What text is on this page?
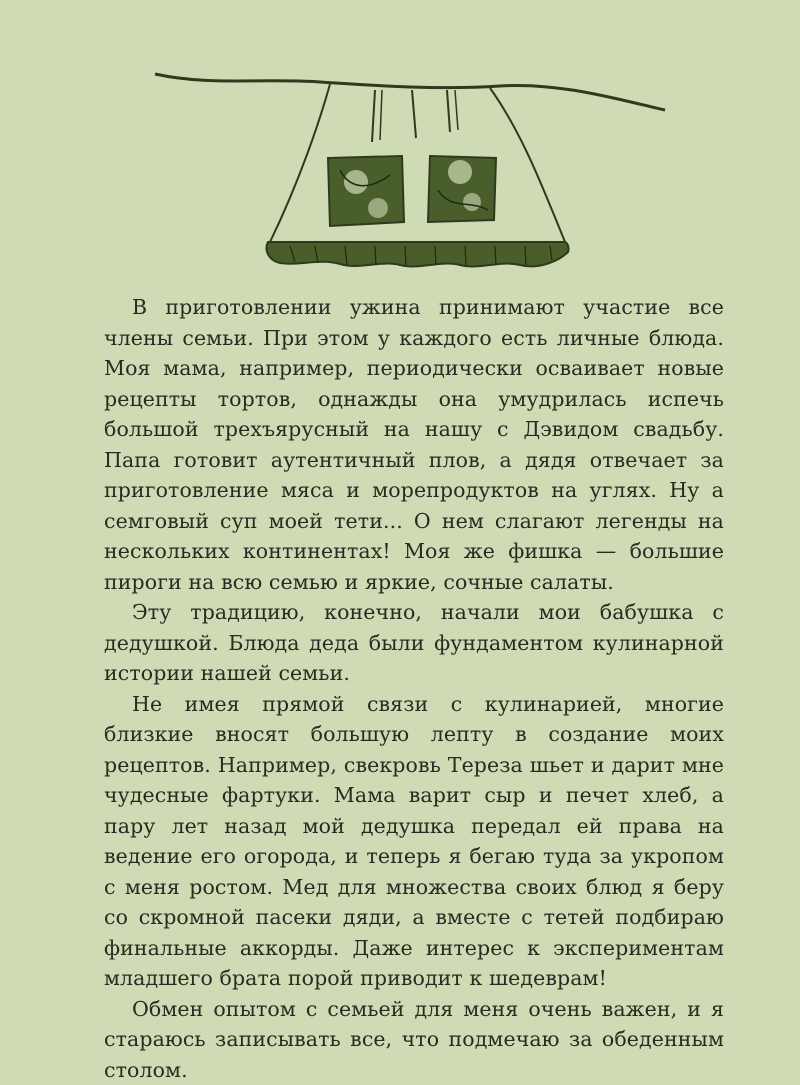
В приготовлении ужина принимают участие все члены семьи. При этом у каждого есть личные блюда. Моя мама, например, периодически осваивает новые рецепты тортов, однажды она умудрилась испечь большой трехъярусный на нашу с Дэвидом свадьбу. Папа готовит аутентичный плов, а дядя отвечает за приготовление мяса и морепродуктов на углях. Ну а семговый суп моей тети... О нем слагают легенды на нескольких континентах! Моя же фишка — большие пироги на всю семью и яркие, сочные салаты.

Эту традицию, конечно, начали мои бабушка с дедушкой. Блюда деда были фундаментом кулинарной истории нашей семьи.

Не имея прямой связи с кулинарией, многие близкие вносят большую лепту в создание моих рецептов. Например, свекровь Тереза шьет и дарит мне чудесные фартуки. Мама варит сыр и печет хлеб, а пару лет назад мой дедушка передал ей права на ведение его огорода, и теперь я бегаю туда за укропом с меня ростом. Мед для множества своих блюд я беру со скромной пасеки дяди, а вместе с тетей подбираю финальные аккорды. Даже интерес к экспериментам младшего брата порой приводит к шедеврам!

Обмен опытом с семьей для меня очень важен, и я стараюсь записывать все, что подмечаю за обеденным столом.
